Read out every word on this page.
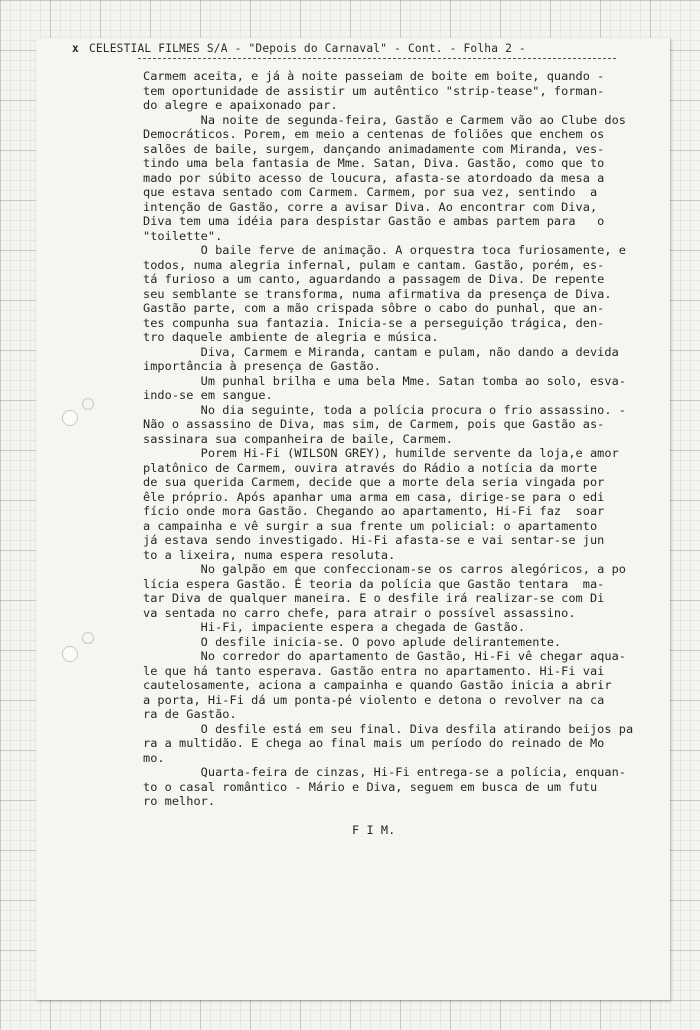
x CELESTIAL FILMES S/A - "Depois do Carnaval" - Cont. - Folha 2 -
Carmem aceita, e já à noite passeiam de boite em boite, quando -
tem oportunidade de assistir um autêntico "strip-tease", forman-
do alegre e apaixonado par.
Na noite de segunda-feira, Gastão e Carmem vão ao Clube dos
Democráticos. Porem, em meio a centenas de foliões que enchem os
salões de baile, surgem, dançando animadamente com Miranda, ves-
tindo uma bela fantasia de Mme. Satan, Diva. Gastão, como que to
mado por súbito acesso de loucura, afasta-se atordoado da mesa a
que estava sentado com Carmem. Carmem, por sua vez, sentindo  a
intenção de Gastão, corre a avisar Diva. Ao encontrar com Diva,
Diva tem uma idéia para despistar Gastão e ambas partem para   o
"toilette".
O baile ferve de animação. A orquestra toca furiosamente, e
todos, numa alegria infernal, pulam e cantam. Gastão, porém, es-
tá furioso a um canto, aguardando a passagem de Diva. De repente
seu semblante se transforma, numa afirmativa da presença de Diva.
Gastão parte, com a mão crispada sôbre o cabo do punhal, que an-
tes compunha sua fantazia. Inicia-se a perseguição trágica, den-
tro daquele ambiente de alegria e música.
Diva, Carmem e Miranda, cantam e pulam, não dando a devida
importância à presença de Gastão.
Um punhal brilha e uma bela Mme. Satan tomba ao solo, esva-
indo-se em sangue.
No dia seguinte, toda a polícia procura o frio assassino. -
Não o assassino de Diva, mas sim, de Carmem, pois que Gastão as-
sassinara sua companheira de baile, Carmem.
Porem Hi-Fi (WILSON GREY), humilde servente da loja,e amor
platônico de Carmem, ouvira através do Rádio a notícia da morte
de sua querida Carmem, decide que a morte dela seria vingada por
êle próprio. Após apanhar uma arma em casa, dirige-se para o edi
fício onde mora Gastão. Chegando ao apartamento, Hi-Fi faz  soar
a campainha e vê surgir a sua frente um policial: o apartamento
já estava sendo investigado. Hi-Fi afasta-se e vai sentar-se jun
to a lixeira, numa espera resoluta.
No galpão em que confeccionam-se os carros alegóricos, a po
lícia espera Gastão. É teoria da polícia que Gastão tentara  ma-
tar Diva de qualquer maneira. E o desfile irá realizar-se com Di
va sentada no carro chefe, para atrair o possível assassino.
Hi-Fi, impaciente espera a chegada de Gastão.
O desfile inicia-se. O povo aplude delirantemente.
No corredor do apartamento de Gastão, Hi-Fi vê chegar aqua-
le que há tanto esperava. Gastão entra no apartamento. Hi-Fi vai
cautelosamente, aciona a campainha e quando Gastão inicia a abrir
a porta, Hi-Fi dá um ponta-pé violento e detona o revolver na ca
ra de Gastão.
O desfile está em seu final. Diva desfila atirando beijos pa
ra a multidão. E chega ao final mais um período do reinado de Mo
mo.
Quarta-feira de cinzas, Hi-Fi entrega-se a polícia, enquan-
to o casal romântico - Mário e Diva, seguem em busca de um futu
ro melhor.

F I M.
